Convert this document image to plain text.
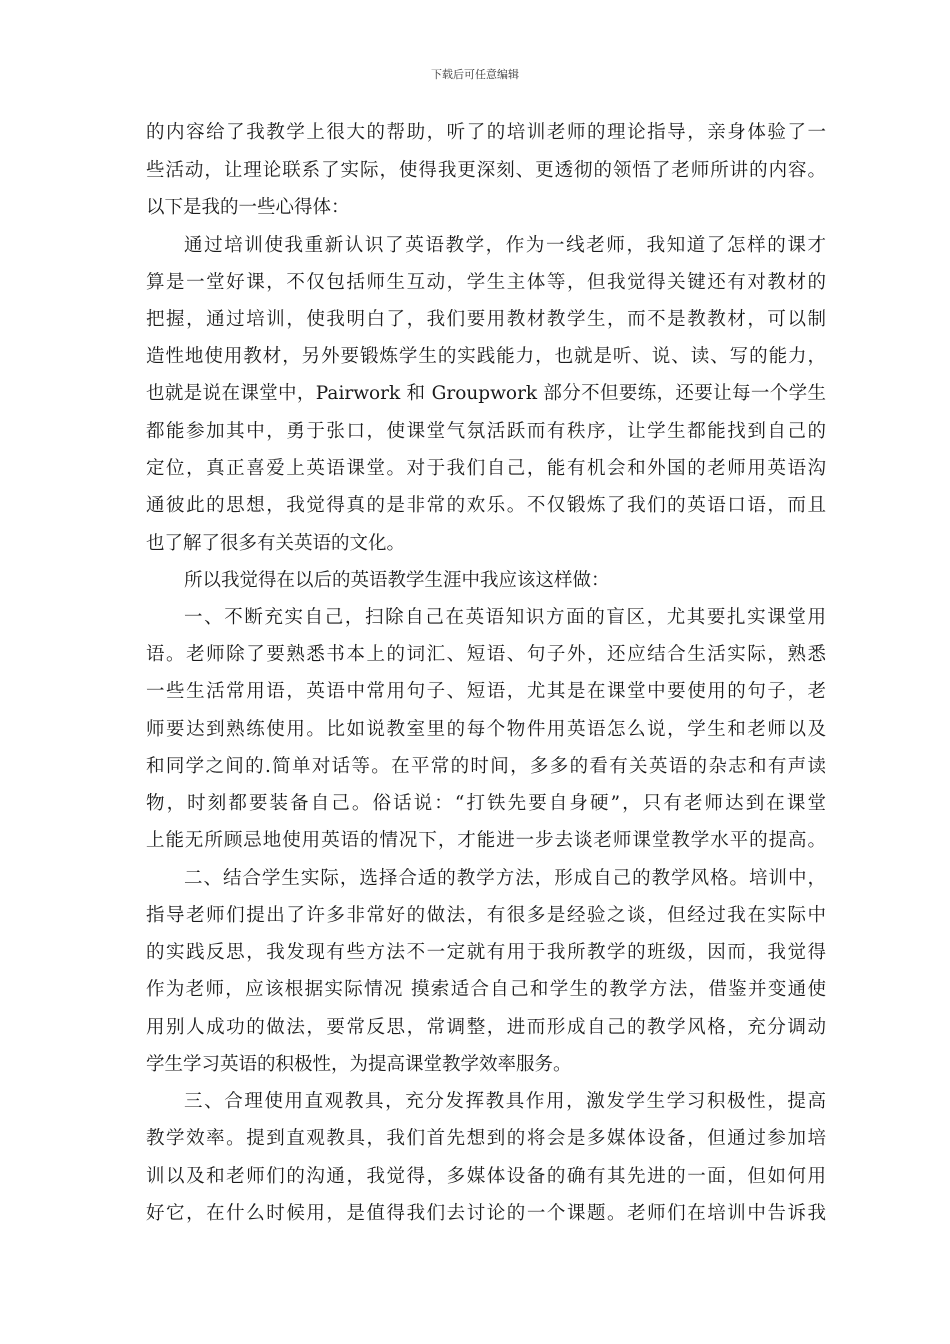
下载后可任意编辑
的内容给了我教学上很大的帮助，听了的培训老师的理论指导，亲身体验了一
些活动，让理论联系了实际，使得我更深刻、更透彻的领悟了老师所讲的内容。
以下是我的一些心得体：
通过培训使我重新认识了英语教学，作为一线老师，我知道了怎样的课才
算是一堂好课，不仅包括师生互动，学生主体等，但我觉得关键还有对教材的
把握，通过培训，使我明白了，我们要用教材教学生，而不是教教材，可以制
造性地使用教材，另外要锻炼学生的实践能力，也就是听、说、读、写的能力，
也就是说在课堂中，Pairwork 和 Groupwork 部分不但要练，还要让每一个学生
都能参加其中，勇于张口，使课堂气氛活跃而有秩序，让学生都能找到自己的
定位，真正喜爱上英语课堂。对于我们自己，能有机会和外国的老师用英语沟
通彼此的思想，我觉得真的是非常的欢乐。不仅锻炼了我们的英语口语，而且
也了解了很多有关英语的文化。
所以我觉得在以后的英语教学生涯中我应该这样做：
一、不断充实自己，扫除自己在英语知识方面的盲区，尤其要扎实课堂用
语。老师除了要熟悉书本上的词汇、短语、句子外，还应结合生活实际，熟悉
一些生活常用语，英语中常用句子、短语，尤其是在课堂中要使用的句子，老
师要达到熟练使用。比如说教室里的每个物件用英语怎么说，学生和老师以及
和同学之间的.简单对话等。在平常的时间，多多的看有关英语的杂志和有声读
物，时刻都要装备自己。俗话说：“打铁先要自身硬”，只有老师达到在课堂
上能无所顾忌地使用英语的情况下，才能进一步去谈老师课堂教学水平的提高。
二、结合学生实际，选择合适的教学方法，形成自己的教学风格。培训中，
指导老师们提出了许多非常好的做法，有很多是经验之谈，但经过我在实际中
的实践反思，我发现有些方法不一定就有用于我所教学的班级，因而，我觉得
作为老师，应该根据实际情况 摸索适合自己和学生的教学方法，借鉴并变通使
用别人成功的做法，要常反思，常调整，进而形成自己的教学风格，充分调动
学生学习英语的积极性，为提高课堂教学效率服务。
三、合理使用直观教具，充分发挥教具作用，激发学生学习积极性，提高
教学效率。提到直观教具，我们首先想到的将会是多媒体设备，但通过参加培
训以及和老师们的沟通，我觉得，多媒体设备的确有其先进的一面，但如何用
好它，在什么时候用，是值得我们去讨论的一个课题。老师们在培训中告诉我
